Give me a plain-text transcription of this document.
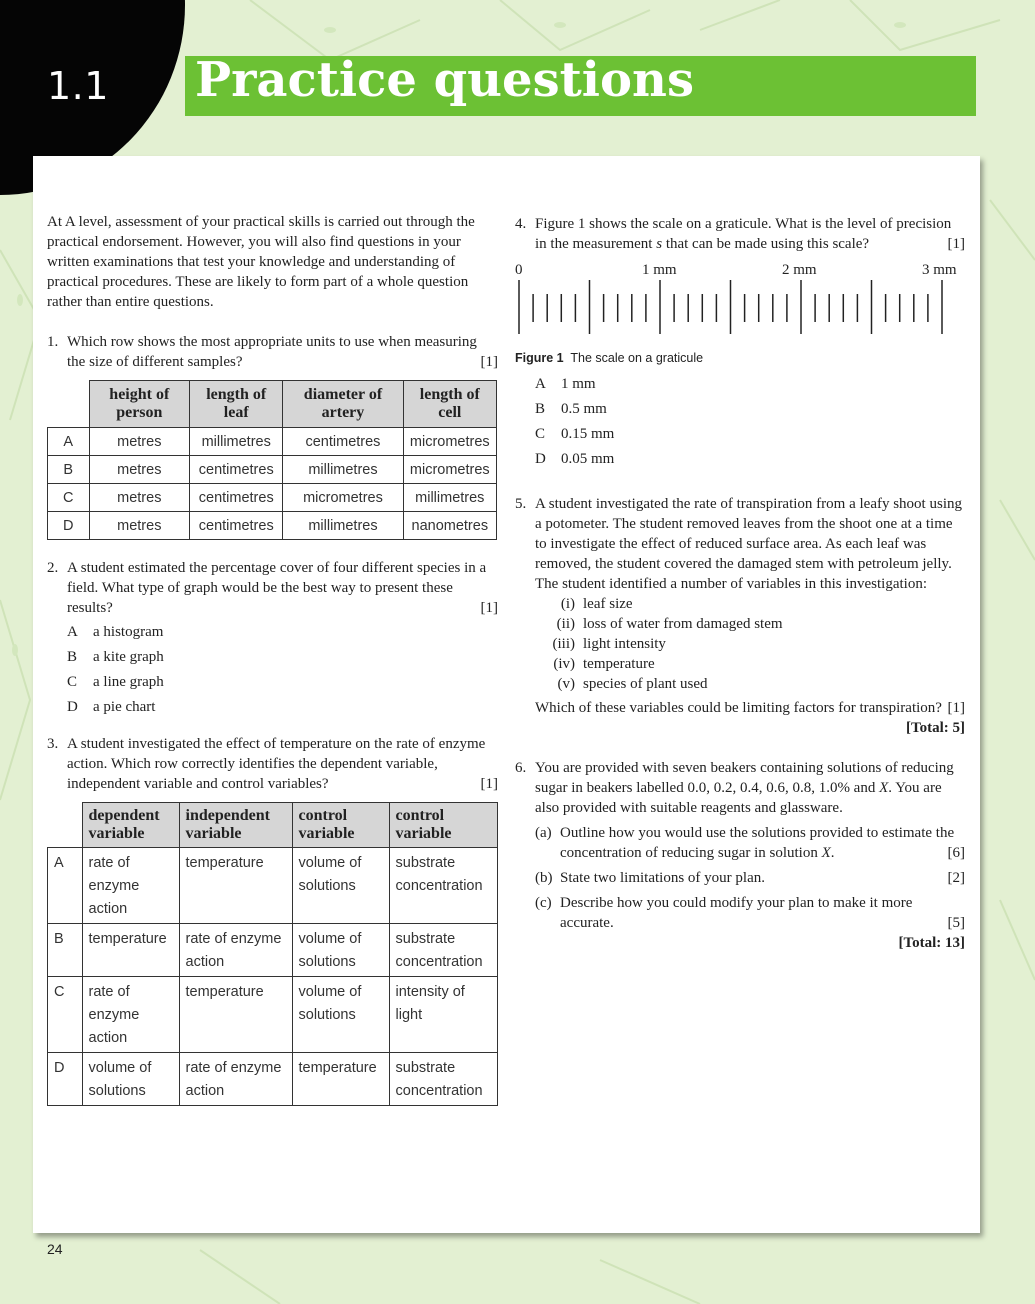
1.1 Practice questions

At A level, assessment of your practical skills is carried out through the practical endorsement. However, you will also find questions in your written examinations that test your knowledge and understanding of practical procedures. These are likely to form part of a whole question rather than entire questions.

1. Which row shows the most appropriate units to use when measuring the size of different samples?	[1]

	height of person	length of leaf	diameter of artery	length of cell
A	metres	millimetres	centimetres	micrometres
B	metres	centimetres	millimetres	micrometres
C	metres	centimetres	micrometres	millimetres
D	metres	centimetres	millimetres	nanometres
2. A student estimated the percentage cover of four different species in a field. What type of graph would be the best way to present these results?	[1]

A	a histogram
B	a kite graph
C	a line graph
D	a pie chart
3. A student investigated the effect of temperature on the rate of enzyme action. Which row correctly identifies the dependent variable, independent variable and control variables?	[1]

	dependent variable	independent variable	control variable	control variable
A	rate of enzyme action	temperature	volume of solutions	substrate concentration
B	temperature	rate of enzyme action	volume of solutions	substrate concentration
C	rate of enzyme action	temperature	volume of solutions	intensity of light
D	volume of solutions	rate of enzyme action	temperature	substrate concentration
4. Figure 1 shows the scale on a graticule. What is the level of precision in the measurement s that can be made using this scale?	[1]

0	1 mm	2 mm	3 mm
Figure 1 The scale on a graticule
A	1 mm
B	0.5 mm
C	0.15 mm
D	0.05 mm
5. A student investigated the rate of transpiration from a leafy shoot using a potometer. The student removed leaves from the shoot one at a time to investigate the effect of reduced surface area. As each leaf was removed, the student covered the damaged stem with petroleum jelly. The student identified a number of variables in this investigation:

(i) leaf size
(ii) loss of water from damaged stem
(iii) light intensity
(iv) temperature
(v) species of plant used

Which of these variables could be limiting factors for transpiration? [1]

[Total: 5]

6. You are provided with seven beakers containing solutions of reducing sugar in beakers labelled 0.0, 0.2, 0.4, 0.6, 0.8, 1.0% and X. You are also provided with suitable reagents and glassware.

(a) Outline how you would use the solutions provided to estimate the concentration of reducing sugar in solution X.	[6]

(b) State two limitations of your plan.	[2]

(c) Describe how you could modify your plan to make it more accurate.	[5]

[Total: 13]

24
